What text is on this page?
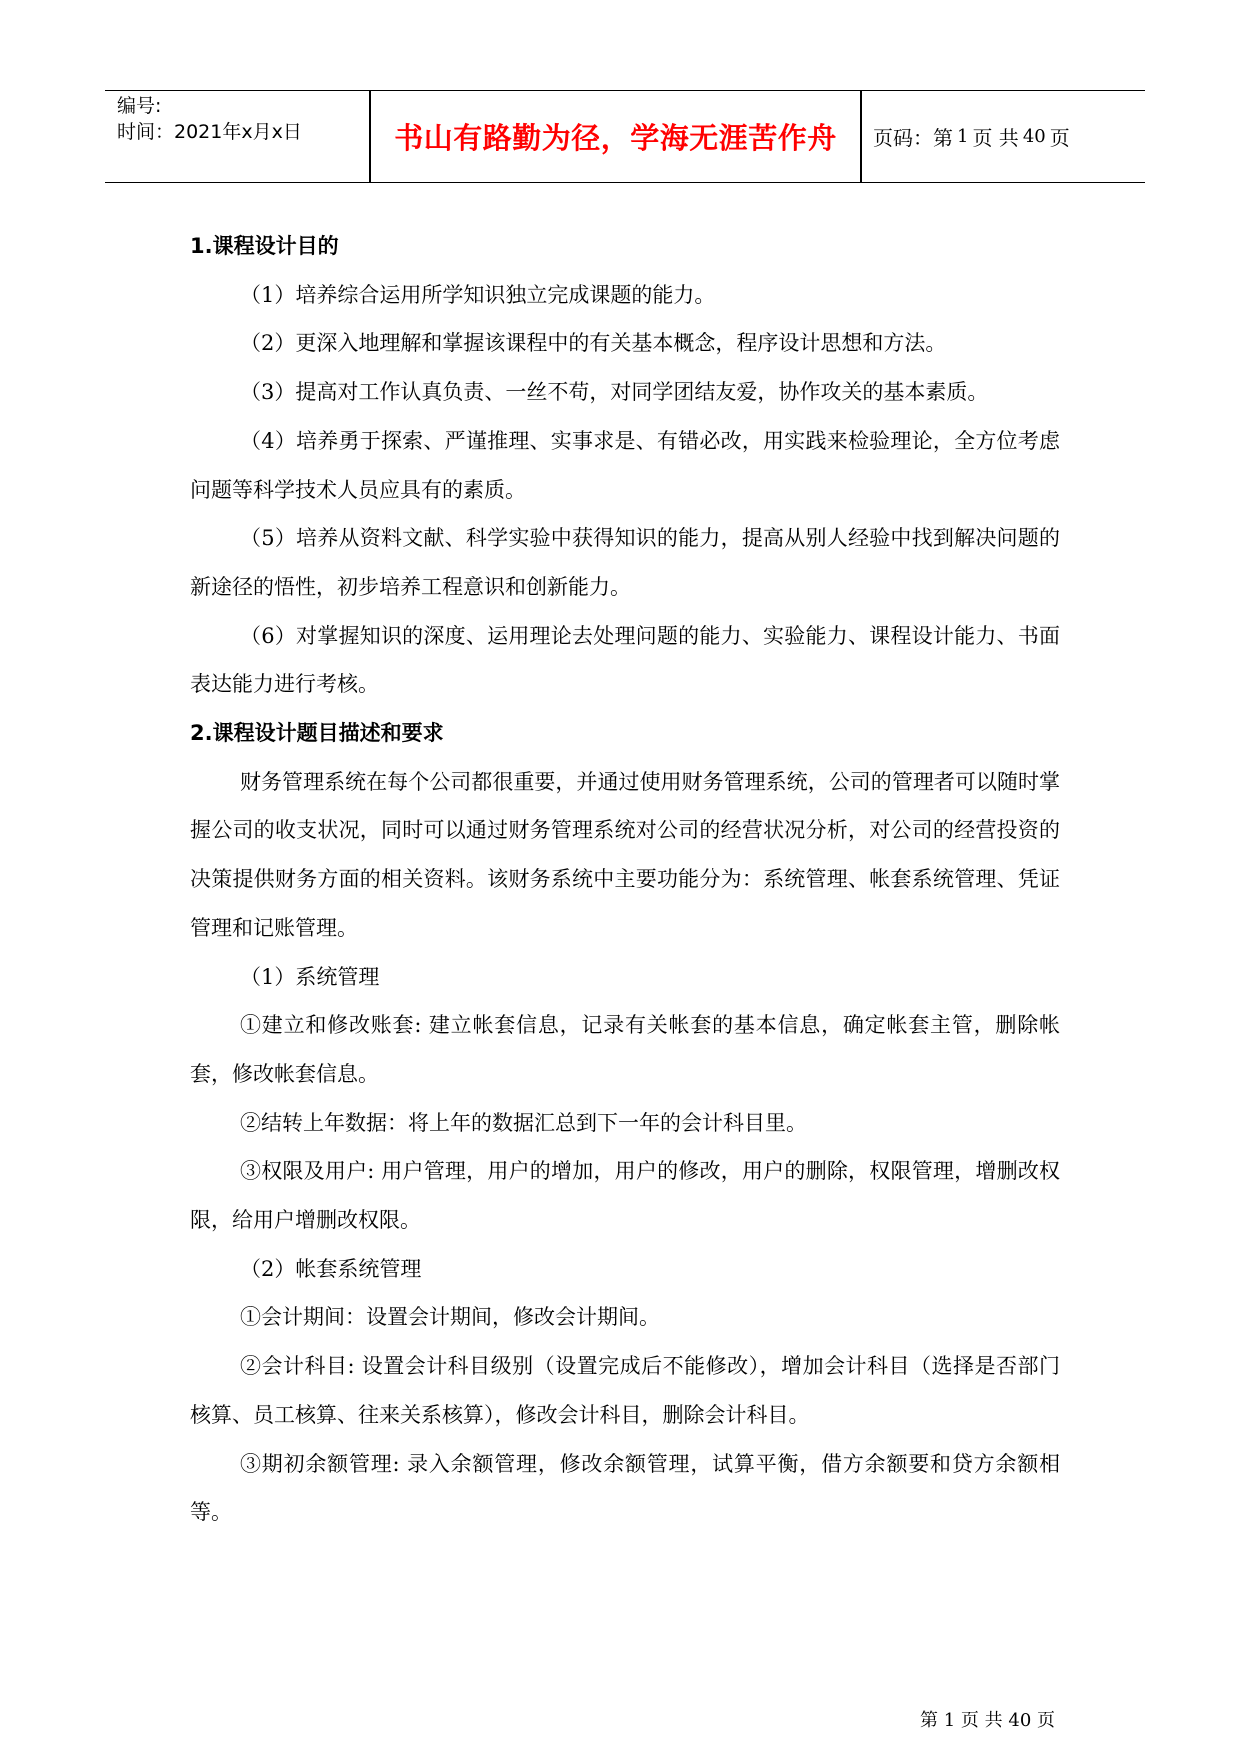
编号:
时间：2021年x月x日	书山有路勤为径，学海无涯苦作舟	页码：第 1 页 共 40 页

1.课程设计目的

（1）培养综合运用所学知识独立完成课题的能力。

（2）更深入地理解和掌握该课程中的有关基本概念，程序设计思想和方法。

（3）提高对工作认真负责、一丝不苟，对同学团结友爱，协作攻关的基本素质。

（4）培养勇于探索、严谨推理、实事求是、有错必改，用实践来检验理论，全方位考虑问题等科学技术人员应具有的素质。

（5）培养从资料文献、科学实验中获得知识的能力，提高从别人经验中找到解决问题的新途径的悟性，初步培养工程意识和创新能力。

（6）对掌握知识的深度、运用理论去处理问题的能力、实验能力、课程设计能力、书面表达能力进行考核。

2.课程设计题目描述和要求

财务管理系统在每个公司都很重要，并通过使用财务管理系统，公司的管理者可以随时掌握公司的收支状况，同时可以通过财务管理系统对公司的经营状况分析，对公司的经营投资的决策提供财务方面的相关资料。该财务系统中主要功能分为：系统管理、帐套系统管理、凭证管理和记账管理。

（1）系统管理

①建立和修改账套: 建立帐套信息，记录有关帐套的基本信息，确定帐套主管，删除帐套，修改帐套信息。

②结转上年数据：将上年的数据汇总到下一年的会计科目里。

③权限及用户: 用户管理，用户的增加，用户的修改，用户的删除，权限管理，增删改权限，给用户增删改权限。

（2）帐套系统管理

①会计期间：设置会计期间，修改会计期间。

②会计科目: 设置会计科目级别（设置完成后不能修改），增加会计科目（选择是否部门核算、员工核算、往来关系核算），修改会计科目，删除会计科目。

③期初余额管理: 录入余额管理，修改余额管理，试算平衡，借方余额要和贷方余额相等。

第 1 页 共 40 页
